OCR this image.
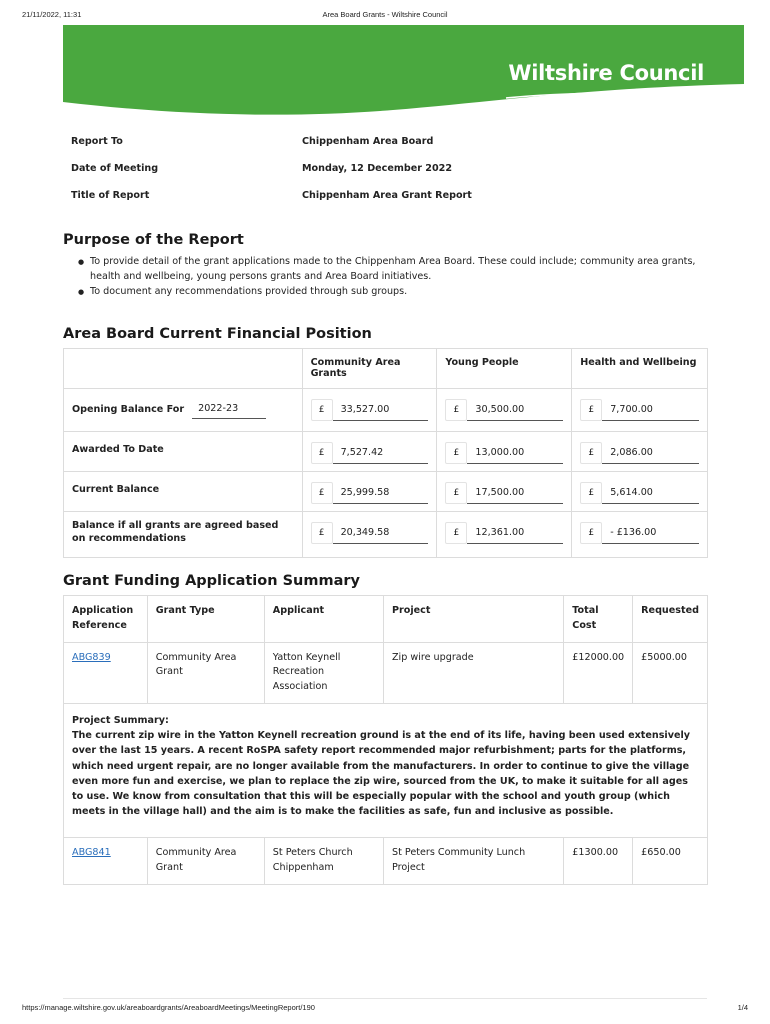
21/11/2022, 11:31	Area Board Grants - Wiltshire Council
Wiltshire Council
Report To	Chippenham Area Board
Date of Meeting	Monday, 12 December 2022
Title of Report	Chippenham Area Grant Report
Purpose of the Report
● To provide detail of the grant applications made to the Chippenham Area Board. These could include; community area grants, health and wellbeing, young persons grants and Area Board initiatives.
● To document any recommendations provided through sub groups.
Area Board Current Financial Position
	Community Area Grants	Young People	Health and Wellbeing

Opening Balance For 2022-23	£ 33,527.00	£ 30,500.00	£ 7,700.00

Awarded To Date	£ 7,527.42	£ 13,000.00	£ 2,086.00

Current Balance	£ 25,999.58	£ 17,500.00	£ 5,614.00

Balance if all grants are agreed based on recommendations	£ 20,349.58	£ 12,361.00	£ - £136.00
Grant Funding Application Summary
Application Reference	Grant Type	Applicant	Project	Total Cost	Requested
ABG839	Community Area Grant	Yatton Keynell Recreation Association	Zip wire upgrade	£12000.00	£5000.00

Project Summary:
The current zip wire in the Yatton Keynell recreation ground is at the end of its life, having been used extensively over the last 15 years. A recent RoSPA safety report recommended major refurbishment; parts for the platforms, which need urgent repair, are no longer available from the manufacturers. In order to continue to give the village even more fun and exercise, we plan to replace the zip wire, sourced from the UK, to make it suitable for all ages to use. We know from consultation that this will be especially popular with the school and youth group (which meets in the village hall) and the aim is to make the facilities as safe, fun and inclusive as possible.					

ABG841	Community Area Grant	St Peters Church Chippenham	St Peters Community Lunch Project	£1300.00	£650.00
https://manage.wiltshire.gov.uk/areaboardgrants/AreaboardMeetings/MeetingReport/190	1/4
